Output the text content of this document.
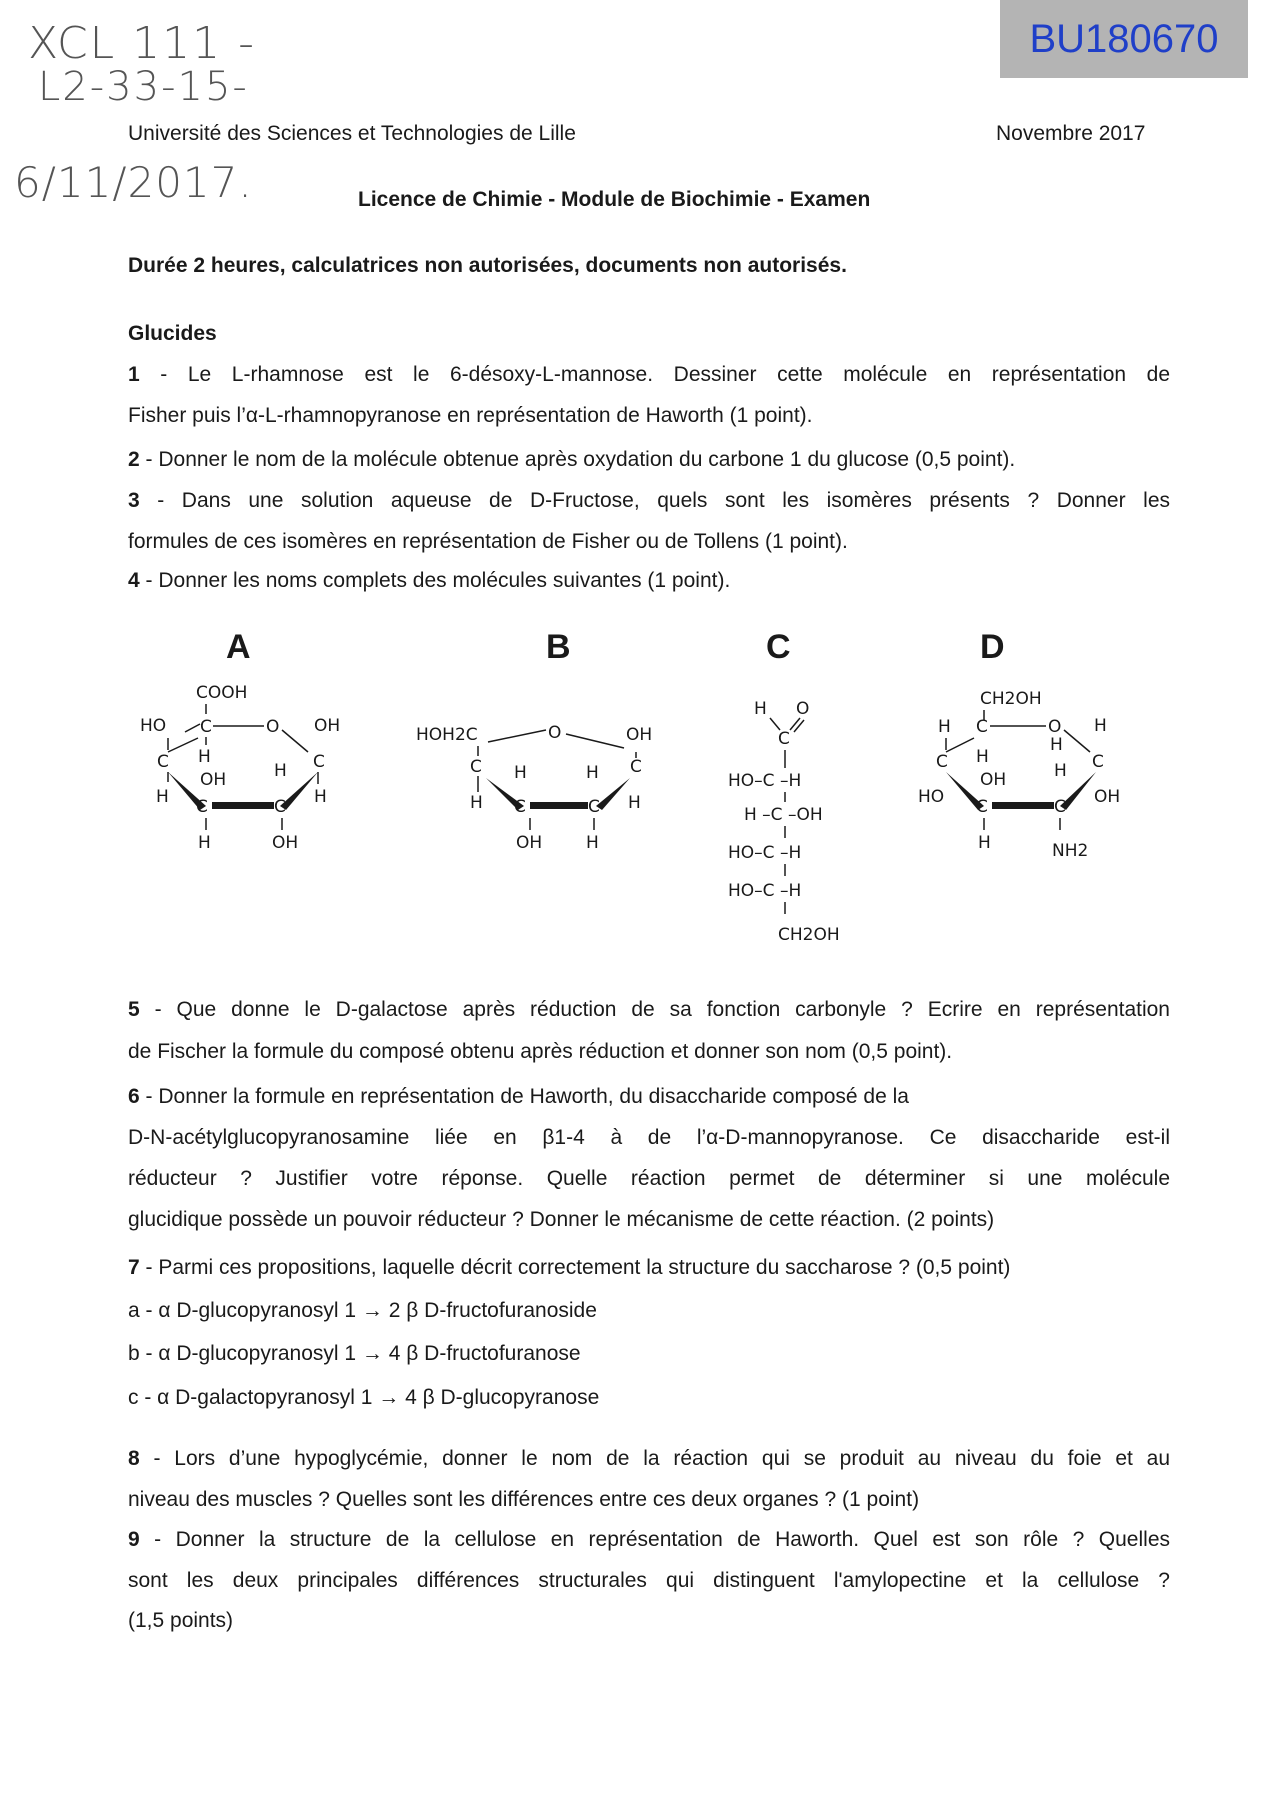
XCL 111 -
L2-33-15-
6/11/2017.
BU180670
Université des Sciences et Technologies de Lille	Novembre 2017
Licence de Chimie - Module de Biochimie - Examen
Durée 2 heures, calculatrices non autorisées, documents non autorisés.
Glucides
1 - Le L-rhamnose est le 6-désoxy-L-mannose. Dessiner cette molécule en représentation de
Fisher puis l’α-L-rhamnopyranose en représentation de Haworth (1 point).
2 - Donner le nom de la molécule obtenue après oxydation du carbone 1 du glucose (0,5 point).
3 - Dans une solution aqueuse de D-Fructose, quels sont les isomères présents ? Donner les
formules de ces isomères en représentation de Fisher ou de Tollens (1 point).
4 - Donner les noms complets des molécules suivantes (1 point).
A	B	C	D
COOH
HO C	O OH
H
C
OH	H C
H
H C	C
H	OH
HOH2C	O	OH
C	C
H	H
H
H C	C
OH	H
H O
C
HO–C –H
H –C –OH
HO–C –H
HO–C –H
CH2OH
CH2OH
H C	O H
C H
H
OH
C
OH
HO
H
C	C
H	NH2
5 - Que donne le D-galactose après réduction de sa fonction carbonyle ? Ecrire en représentation
de Fischer la formule du composé obtenu après réduction et donner son nom (0,5 point).
6 - Donner la formule en représentation de Haworth, du disaccharide composé de la
D-N-acétylglucopyranosamine liée en β1-4 à de l’α-D-mannopyranose. Ce disaccharide est-il
réducteur ? Justifier votre réponse. Quelle réaction permet de déterminer si une molécule
glucidique possède un pouvoir réducteur ? Donner le mécanisme de cette réaction. (2 points)
7 - Parmi ces propositions, laquelle décrit correctement la structure du saccharose ? (0,5 point)
a - α D-glucopyranosyl 1 → 2 β D-fructofuranoside
b - α D-glucopyranosyl 1 → 4 β D-fructofuranose
c - α D-galactopyranosyl 1 → 4 β D-glucopyranose
8 - Lors d’une hypoglycémie, donner le nom de la réaction qui se produit au niveau du foie et au
niveau des muscles ? Quelles sont les différences entre ces deux organes ? (1 point)
9 - Donner la structure de la cellulose en représentation de Haworth. Quel est son rôle ? Quelles
sont les deux principales différences structurales qui distinguent l'amylopectine et la cellulose ?
(1,5 points)
